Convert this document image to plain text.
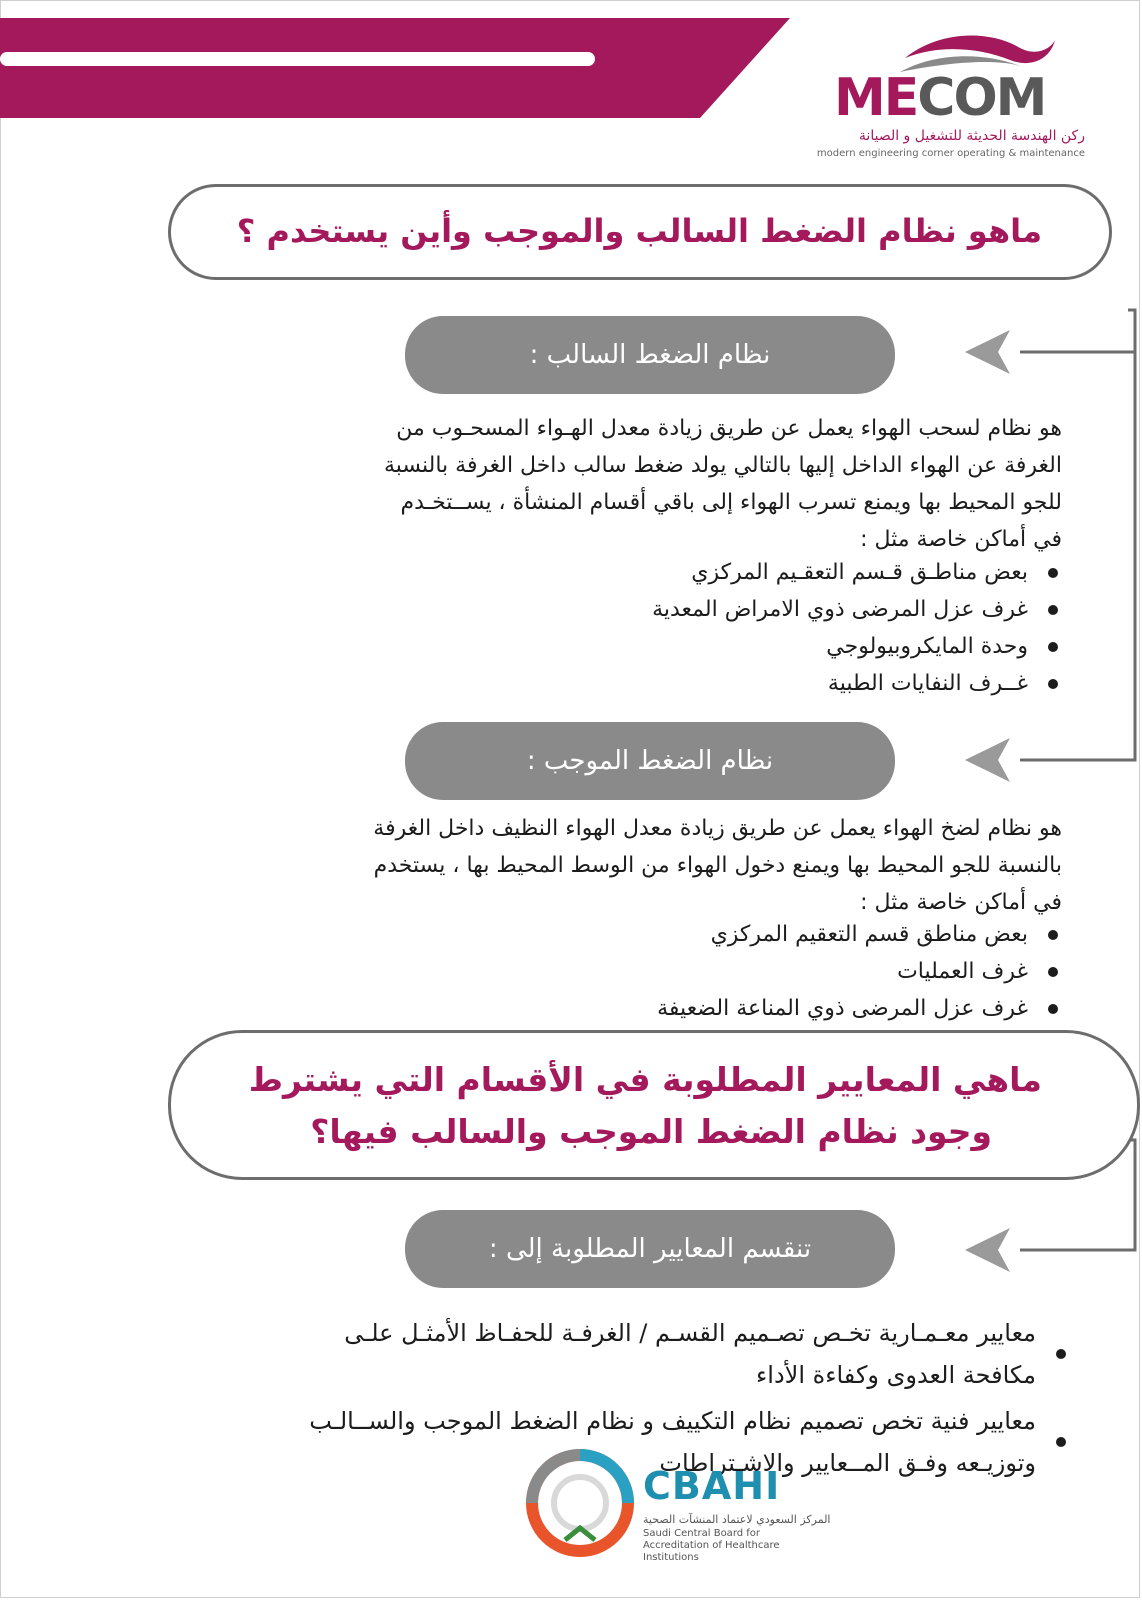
MECOM
ركن الهندسة الحديثة للتشغيل و الصيانة
modern engineering corner operating & maintenance
ماهو نظام الضغط السالب والموجب وأين يستخدم ؟
نظام الضغط السالب :

هو نظام لسحب الهواء يعمل عن طريق زيادة معدل الهـواء المسحـوب من

الغرفة عن الهواء الداخل إليها بالتالي يولد ضغط سالب داخل الغرفة بالنسبة

للجو المحيط بها ويمنع تسرب الهواء إلى باقي أقسام المنشأة ، يســتخـدم

في أماكن خاصة مثل :

بعض مناطـق قـسم التعقـيم المركزي
غرف عزل المرضى ذوي الامراض المعدية
وحدة المايكروبيولوجي
غــرف النفايات الطبية
نظام الضغط الموجب :

هو نظام لضخ الهواء يعمل عن طريق زيادة معدل الهواء النظيف داخل الغرفة

بالنسبة للجو المحيط بها ويمنع دخول الهواء من الوسط المحيط بها ، يستخدم

في أماكن خاصة مثل :

بعض مناطق قسم التعقيم المركزي
غرف العمليات
غرف عزل المرضى ذوي المناعة الضعيفة
ماهي المعايير المطلوبة في الأقسام التي يشترط
وجود نظام الضغط الموجب والسالب فيها؟
تنقسم المعايير المطلوبة إلى :
معايير معـمـارية تخـص تصـميم القسـم / الغرفـة للحفـاظ الأمثـل علـى
مكافحة العدوى وكفاءة الأداء
معايير فنية تخص تصميم نظام التكييف و نظام الضغط الموجب والســالـب
وتوزيـعه وفـق المــعايير والاشـتراطات
CBAHI
المركز السعودي لاعتماد المنشآت الصحية
Saudi Central Board for Accreditation of Healthcare Institutions
